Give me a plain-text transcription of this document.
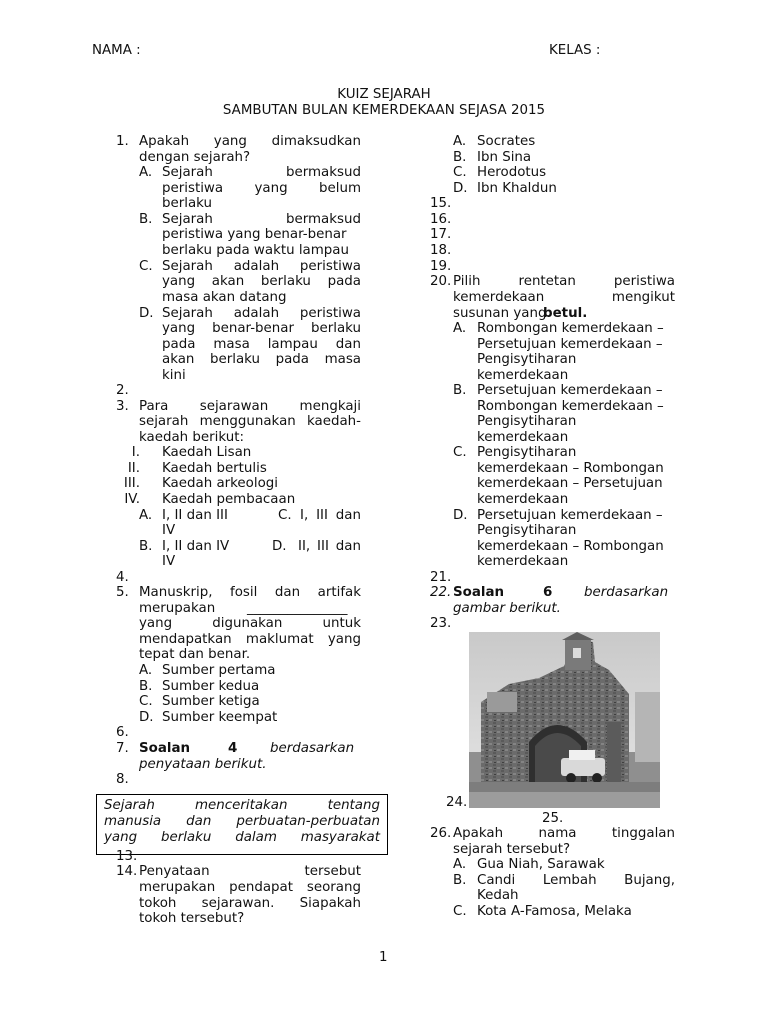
NAMA :	KELAS :
KUIZ SEJARAH
SAMBUTAN BULAN KEMERDEKAAN SEJASA 2015
1. Apakah yang dimaksudkan
dengan sejarah?
A. Sejarah bermaksud
peristiwa yang belum
berlaku
B. Sejarah bermaksud
peristiwa yang benar-benar
berlaku pada waktu lampau
C. Sejarah adalah peristiwa
yang akan berlaku pada
masa akan datang
D. Sejarah adalah peristiwa
yang benar-benar berlaku
pada masa lampau dan
akan berlaku pada masa
kini
2.
3. Para sejarawan mengkaji
sejarah menggunakan kaedah-
kaedah berikut:
I. Kaedah Lisan
II. Kaedah bertulis
III. Kaedah arkeologi
IV. Kaedah pembacaan
A. I, II dan III	C. I, III dan
IV
B. I, II dan IV	D. II, III dan
IV
4.
5. Manuskrip, fosil dan artifak
merupakan _______________
yang digunakan untuk
mendapatkan maklumat yang
tepat dan benar.
A. Sumber pertama
B. Sumber kedua
C. Sumber ketiga
D. Sumber keempat
6.
7. Soalan	4 berdasarkan
penyataan berikut.
8.
Sejarah menceritakan tentang
manusia dan perbuatan-perbuatan
yang berlaku dalam masyarakat
13.
14. Penyataan tersebut
merupakan pendapat seorang
tokoh sejarawan. Siapakah
tokoh tersebut?
A. Socrates
B. Ibn Sina
C. Herodotus
D. Ibn Khaldun
15.
16.
17.
18.
19.
20. Pilih rentetan peristiwa
kemerdekaan mengikut
susunan yang
betul.
A. Rombongan kemerdekaan –
Persetujuan kemerdekaan –
Pengisytiharan
kemerdekaan
B. Persetujuan kemerdekaan –
Rombongan kemerdekaan –
Pengisytiharan
kemerdekaan
C. Pengisytiharan
kemerdekaan – Rombongan
kemerdekaan – Persetujuan
kemerdekaan
D. Persetujuan kemerdekaan –
Pengisytiharan
kemerdekaan – Rombongan
kemerdekaan
21.
22. Soalan	6 berdasarkan
gambar berikut.
23.
24.
25.
26. Apakah nama tinggalan
sejarah tersebut?
A. Gua Niah, Sarawak
B. Candi Lembah Bujang,
Kedah
C. Kota A-Famosa, Melaka
1
